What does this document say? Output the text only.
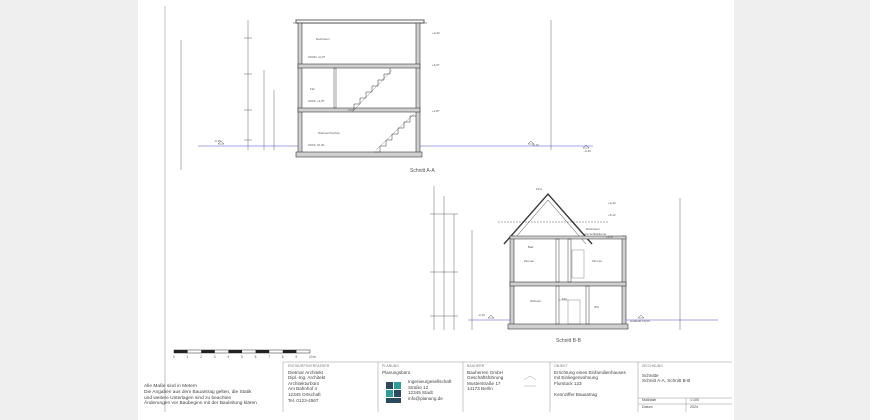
Dachraum
OKRD +6,07
Flur
OKFF +2,87
Wohnen/Kochen
OKFF ±0,00
+9,43
+6,07
+2,87
-0,15
-0,10
-0,20
Schnitt A-A
First
+9,43
+8,12
+6,07
Dachraum
wie Schlafräume
Bad
Zimmer	Zimmer
Wohnen	Flur
WC
Gelände ±0,00
-0,15
Schnitt B-B
0	1	2	3	4	5	6	7	8	9	10 m
Alle Maße sind in Metern
Die Angaben aus dem Bauantrag gelten, die Statik
und weitere Unterlagen sind zu beachten
Änderungen vor Baubeginn mit der Bauleitung klären
ENTWURFSVERFASSER
Dietmar Architekt
Dipl.-Ing. Architekt
Architekturbüro
Am Bahnhof 4
12345 Ortschaft
Tel. 0123-4567
PLANUNG
Planungsbüro
Ingenieurgesellschaft
Straße 12
12345 Stadt
info@planung.de
BAUHERR
Bauherren GmbH
Geschäftsführung
Musterstraße 17
14173 Berlin
OBJEKT
Errichtung eines Einfamilienhauses
mit Einliegerwohnung
Flurstück 123
Kennziffer Bauantrag
ZEICHNUNG
Schnitte
Schnitt A-A, Schnitt B-B
Maßstab	1:100
Datum	2024
